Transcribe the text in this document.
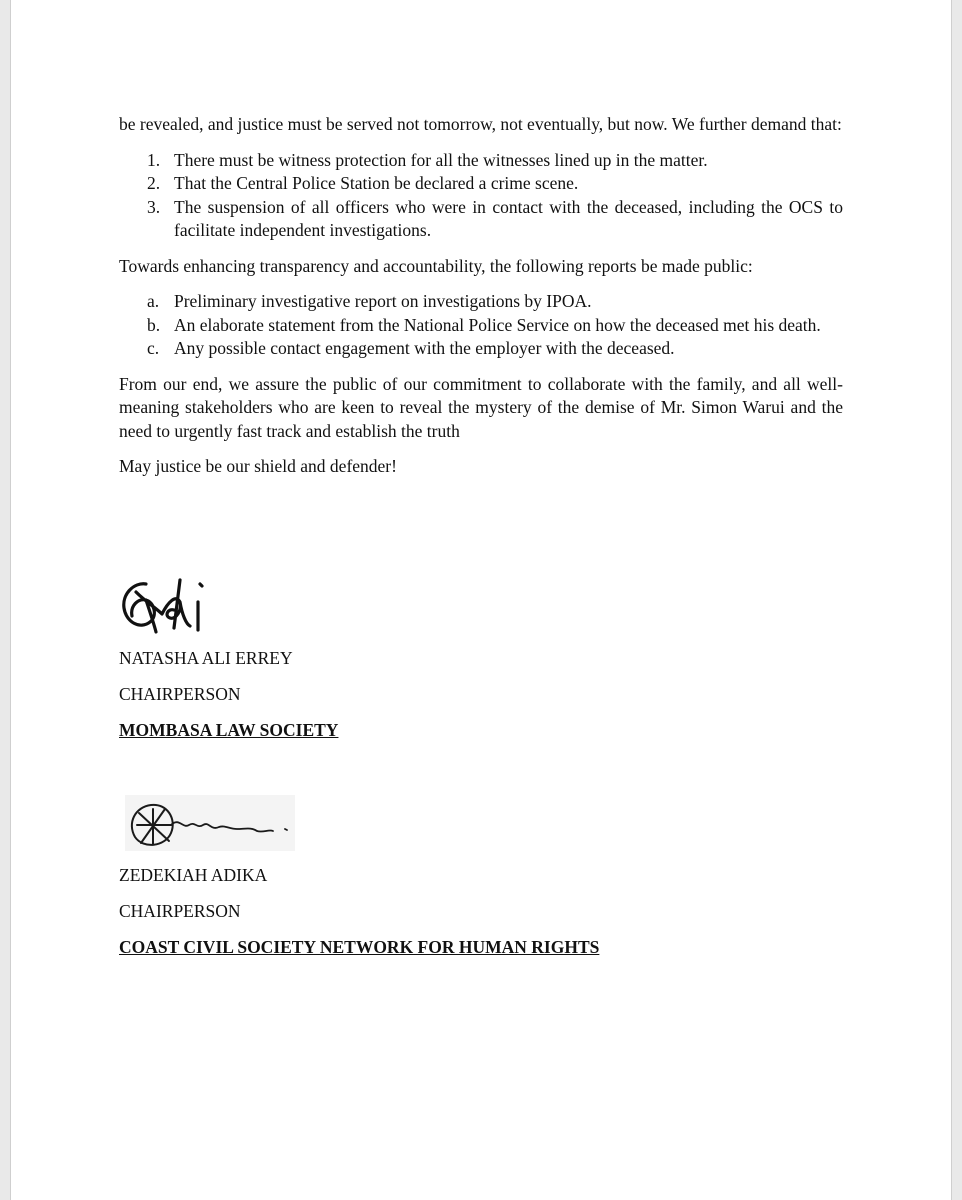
be revealed, and justice must be served not tomorrow, not eventually, but now. We further demand that:

1. There must be witness protection for all the witnesses lined up in the matter.
2. That the Central Police Station be declared a crime scene.
3. The suspension of all officers who were in contact with the deceased, including the OCS to facilitate independent investigations.

Towards enhancing transparency and accountability, the following reports be made public:

a. Preliminary investigative report on investigations by IPOA.
b. An elaborate statement from the National Police Service on how the deceased met his death.
c. Any possible contact engagement with the employer with the deceased.

From our end, we assure the public of our commitment to collaborate with the family, and all well-meaning stakeholders who are keen to reveal the mystery of the demise of Mr. Simon Warui and the need to urgently fast track and establish the truth

May justice be our shield and defender!

NATASHA ALI ERREY
CHAIRPERSON
MOMBASA LAW SOCIETY
ZEDEKIAH ADIKA
CHAIRPERSON
COAST CIVIL SOCIETY NETWORK FOR HUMAN RIGHTS
